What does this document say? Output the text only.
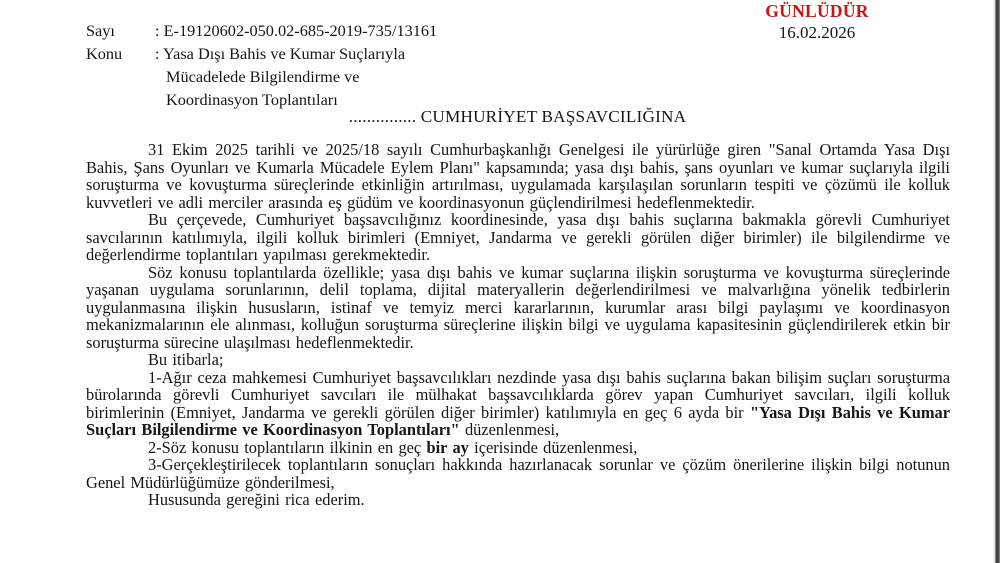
GÜNLÜDÜR
16.02.2026
Sayı	: E-19120602-050.02-685-2019-735/13161
Konu	: Yasa Dışı Bahis ve Kumar Suçlarıyla
Mücadelede Bilgilendirme ve
Koordinasyon Toplantıları
............... CUMHURİYET BAŞSAVCILIĞINA

31 Ekim 2025 tarihli ve 2025/18 sayılı Cumhurbaşkanlığı Genelgesi ile yürürlüğe giren "Sanal Ortamda Yasa Dışı Bahis, Şans Oyunları ve Kumarla Mücadele Eylem Planı" kapsamında; yasa dışı bahis, şans oyunları ve kumar suçlarıyla ilgili soruşturma ve kovuşturma süreçlerinde etkinliğin artırılması, uygulamada karşılaşılan sorunların tespiti ve çözümü ile kolluk kuvvetleri ve adli merciler arasında eş güdüm ve koordinasyonun güçlendirilmesi hedeflenmektedir.

Bu çerçevede, Cumhuriyet başsavcılığınız koordinesinde, yasa dışı bahis suçlarına bakmakla görevli Cumhuriyet savcılarının katılımıyla, ilgili kolluk birimleri (Emniyet, Jandarma ve gerekli görülen diğer birimler) ile bilgilendirme ve değerlendirme toplantıları yapılması gerekmektedir.

Söz konusu toplantılarda özellikle; yasa dışı bahis ve kumar suçlarına ilişkin soruşturma ve kovuşturma süreçlerinde yaşanan uygulama sorunlarının, delil toplama, dijital materyallerin değerlendirilmesi ve malvarlığına yönelik tedbirlerin uygulanmasına ilişkin hususların, istinaf ve temyiz merci kararlarının, kurumlar arası bilgi paylaşımı ve koordinasyon mekanizmalarının ele alınması, kolluğun soruşturma süreçlerine ilişkin bilgi ve uygulama kapasitesinin güçlendirilerek etkin bir soruşturma sürecine ulaşılması hedeflenmektedir.

Bu itibarla;

1-Ağır ceza mahkemesi Cumhuriyet başsavcılıkları nezdinde yasa dışı bahis suçlarına bakan bilişim suçları soruşturma bürolarında görevli Cumhuriyet savcıları ile mülhakat başsavcılıklarda görev yapan Cumhuriyet savcıları, ilgili kolluk birimlerinin (Emniyet, Jandarma ve gerekli görülen diğer birimler) katılımıyla en geç 6 ayda bir "Yasa Dışı Bahis ve Kumar Suçları Bilgilendirme ve Koordinasyon Toplantıları" düzenlenmesi,

2-Söz konusu toplantıların ilkinin en geç bir ay içerisinde düzenlenmesi,

3-Gerçekleştirilecek toplantıların sonuçları hakkında hazırlanacak sorunlar ve çözüm önerilerine ilişkin bilgi notunun Genel Müdürlüğümüze gönderilmesi,

Hususunda gereğini rica ederim.
